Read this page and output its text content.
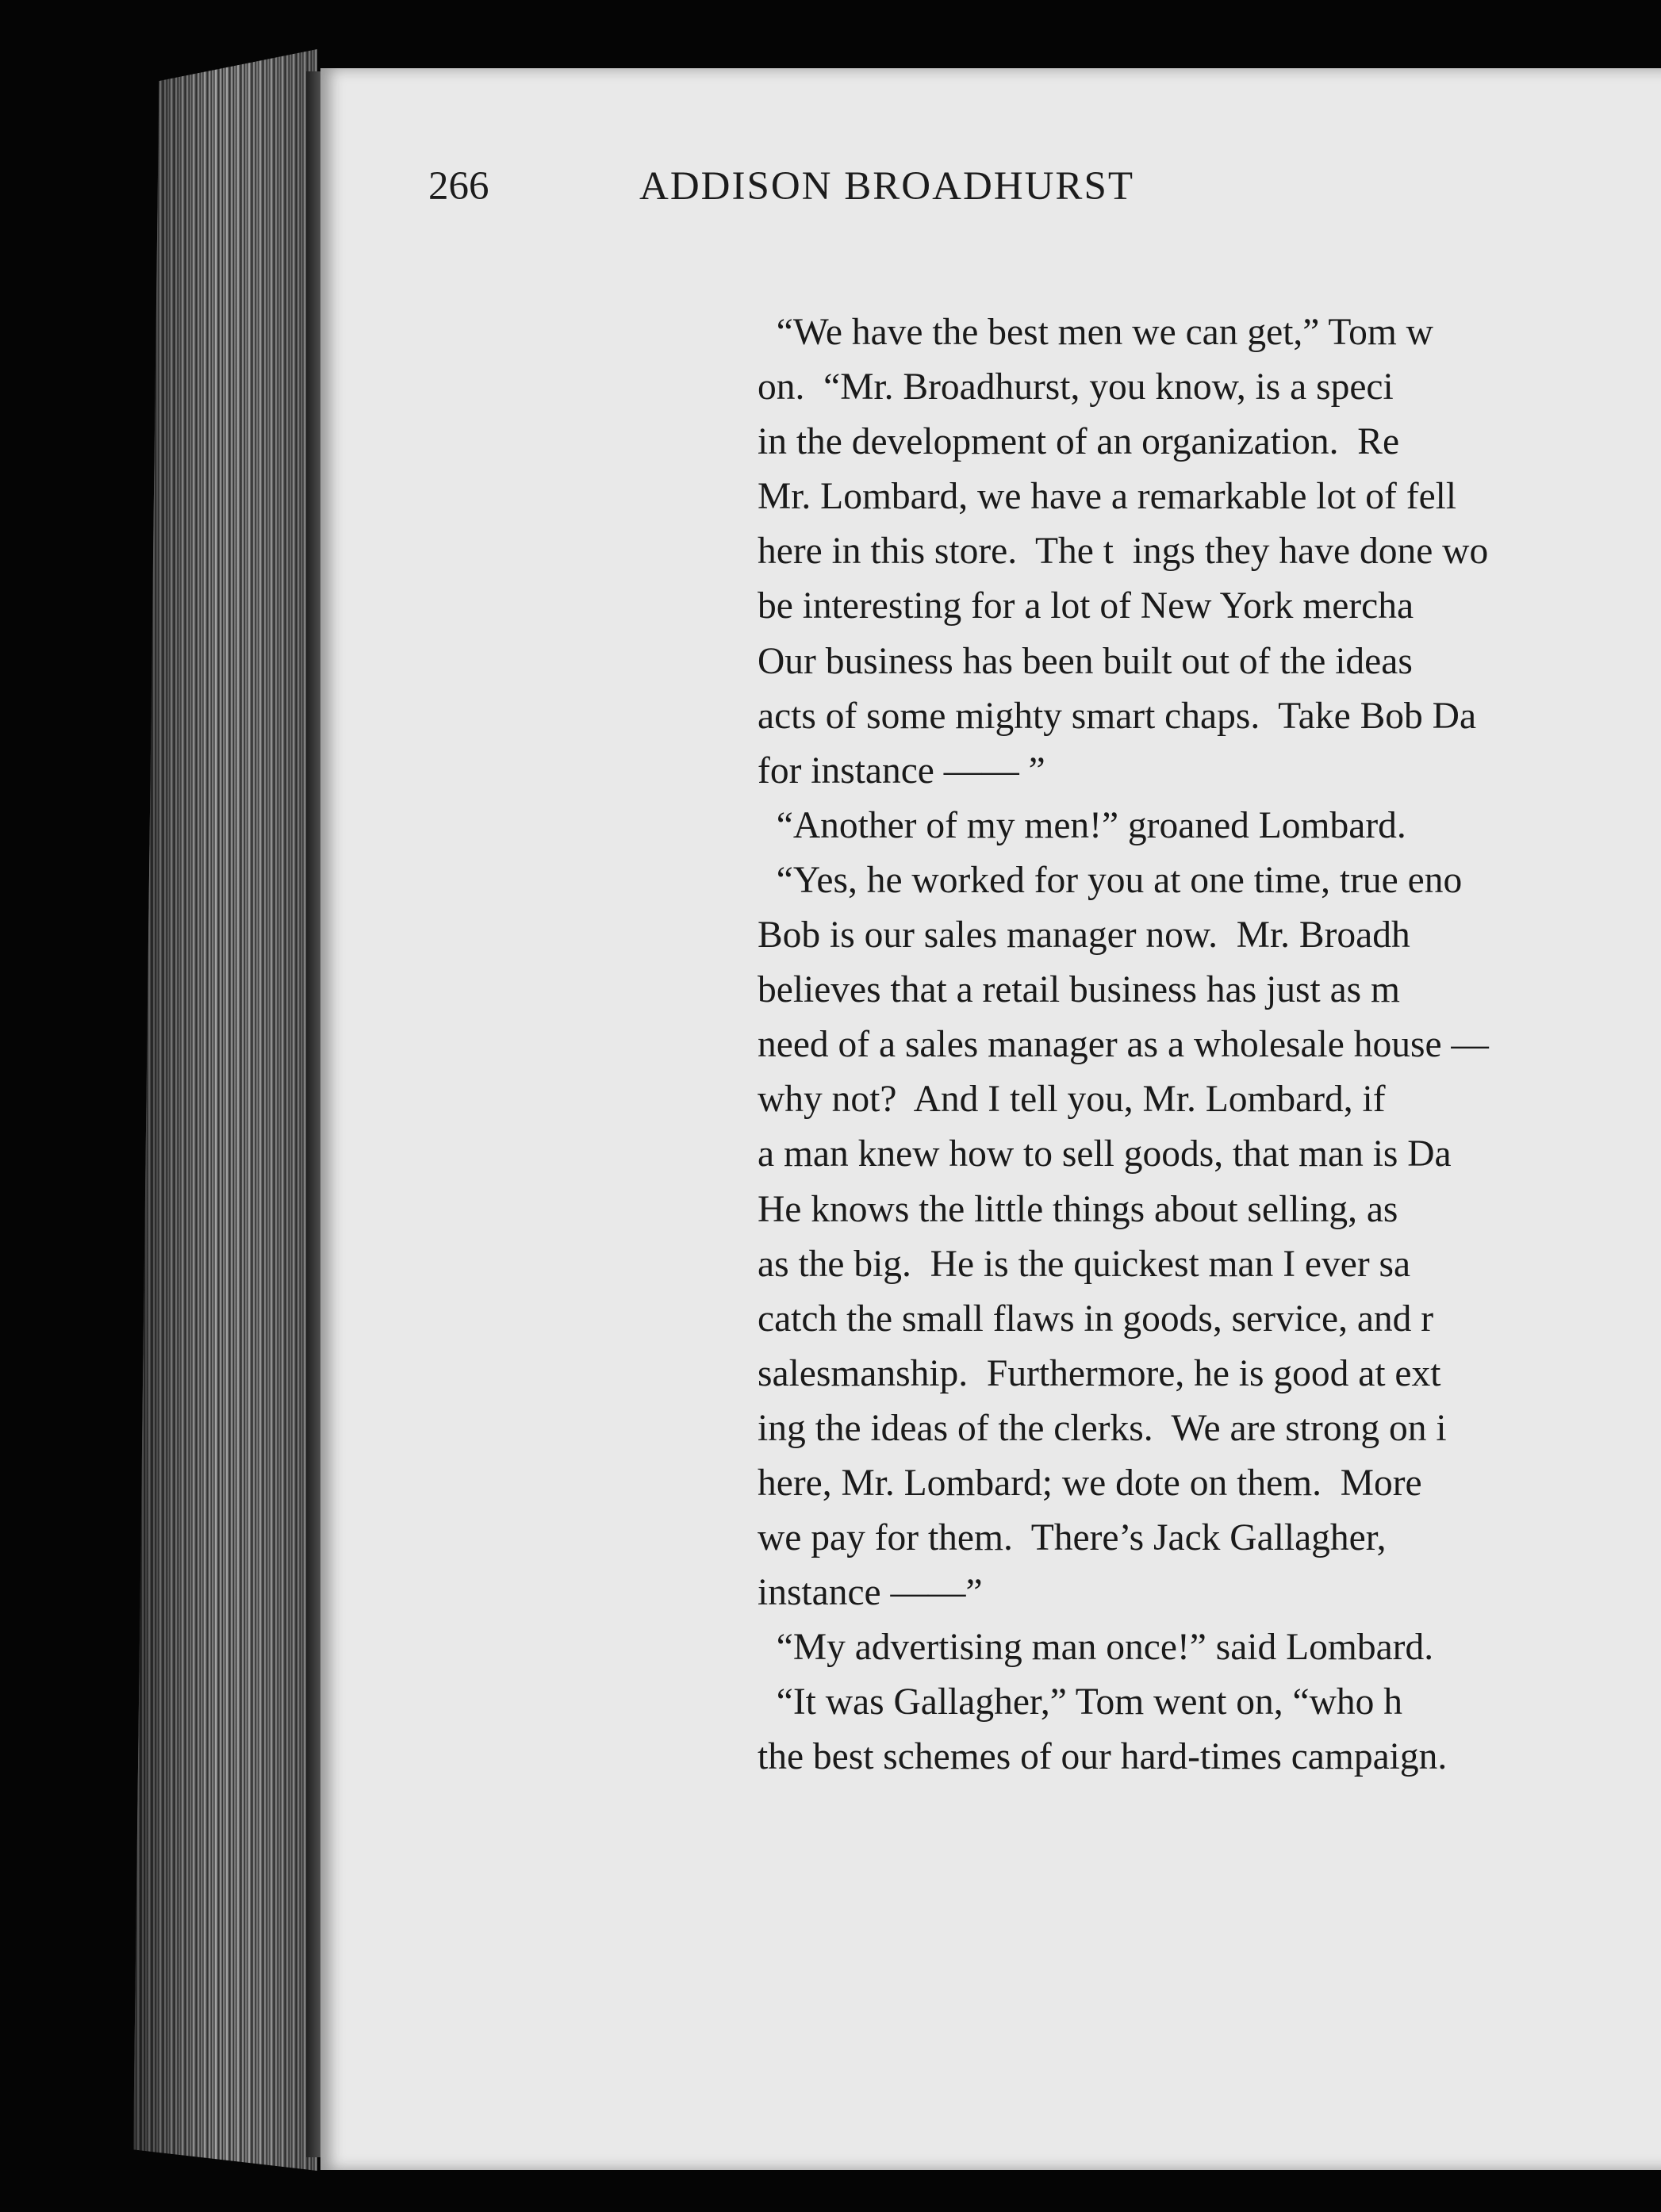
266	ADDISON BROADHURST
“We have the best men we can get,” Tom w
on.  “Mr. Broadhurst, you know, is a speci
in the development of an organization.  Re
Mr. Lombard, we have a remarkable lot of fell
here in this store.  The t  ings they have done wo
be interesting for a lot of New York mercha
Our business has been built out of the ideas
acts of some mighty smart chaps.  Take Bob Da
for instance —— ”
“Another of my men!” groaned Lombard.
“Yes, he worked for you at one time, true eno
Bob is our sales manager now.  Mr. Broadh
believes that a retail business has just as m
need of a sales manager as a wholesale house —
why not?  And I tell you, Mr. Lombard, if
a man knew how to sell goods, that man is Da
He knows the little things about selling, as
as the big.  He is the quickest man I ever sa
catch the small flaws in goods, service, and r
salesmanship.  Furthermore, he is good at ext
ing the ideas of the clerks.  We are strong on i
here, Mr. Lombard; we dote on them.  More
we pay for them.  There’s Jack Gallagher,
instance ——”
“My advertising man once!” said Lombard.
“It was Gallagher,” Tom went on, “who h
the best schemes of our hard-times campaign.
